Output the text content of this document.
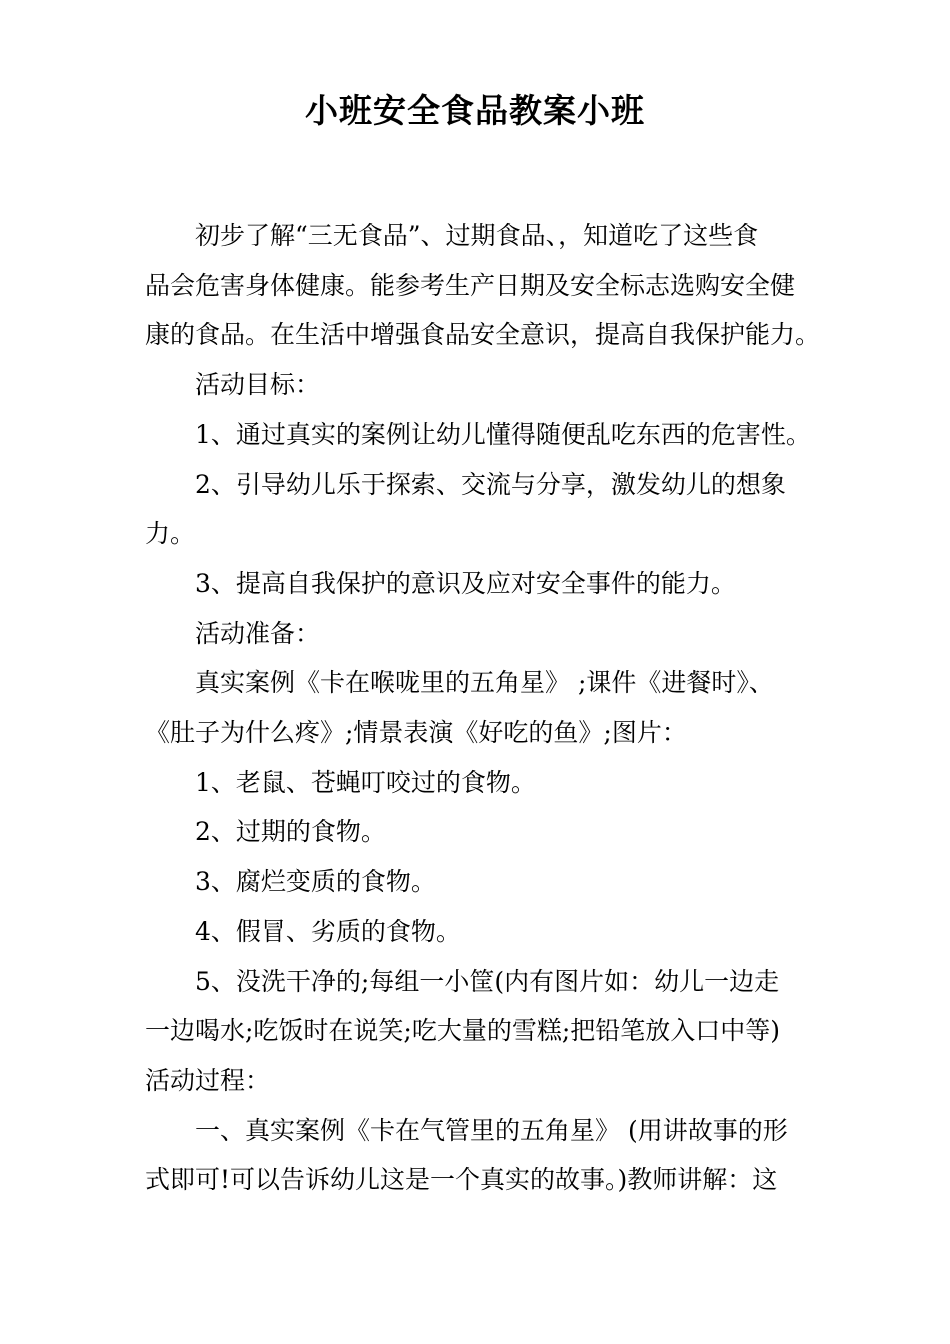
小班安全食品教案小班

初步了解“三无食品”、过期食品、，知道吃了这些食

品会危害身体健康。能参考生产日期及安全标志选购安全健

康的食品。在生活中增强食品安全意识，提高自我保护能力。

活动目标：

1、通过真实的案例让幼儿懂得随便乱吃东西的危害性。

2、引导幼儿乐于探索、交流与分享，激发幼儿的想象

力。

3、提高自我保护的意识及应对安全事件的能力。

活动准备：

真实案例《卡在喉咙里的五角星》 ;课件《进餐时》、

《肚子为什么疼》;情景表演《好吃的鱼》;图片：

1、老鼠、苍蝇叮咬过的食物。

2、过期的食物。

3、腐烂变质的食物。

4、假冒、劣质的食物。

5、没洗干净的;每组一小筐(内有图片如：幼儿一边走

一边喝水;吃饭时在说笑;吃大量的雪糕;把铅笔放入口中等)

活动过程：

一、真实案例《卡在气管里的五角星》 (用讲故事的形

式即可!可以告诉幼儿这是一个真实的故事。)教师讲解：这
